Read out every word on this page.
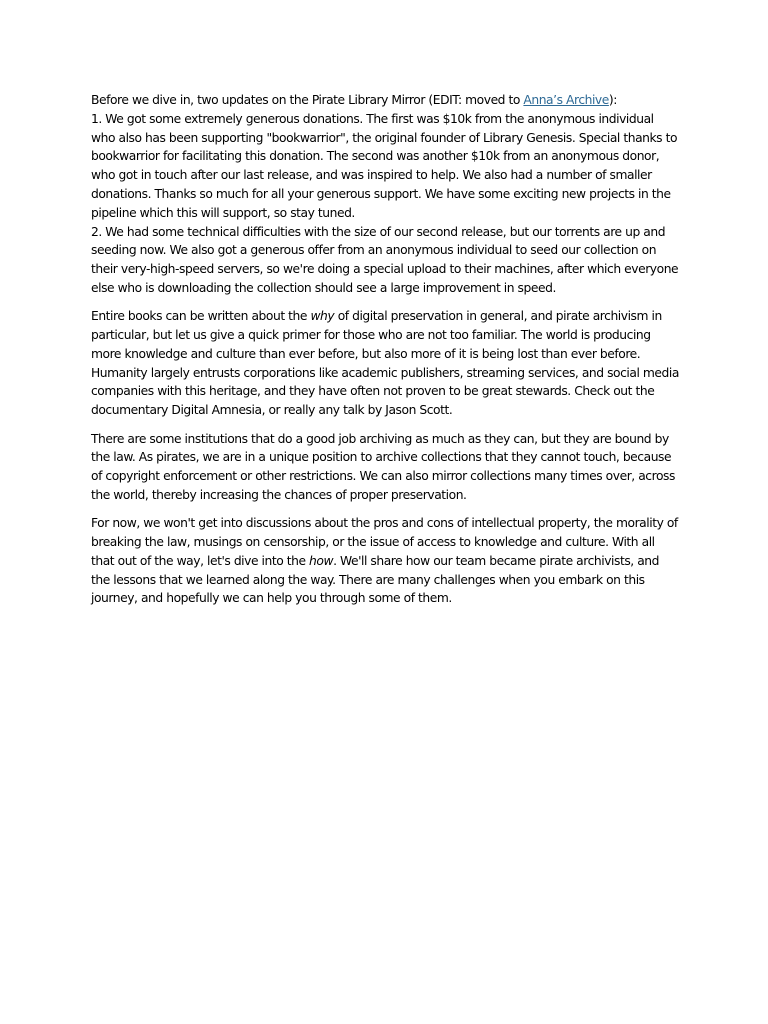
Before we dive in, two updates on the Pirate Library Mirror (EDIT: moved to Anna’s Archive):
1. We got some extremely generous donations. The first was $10k from the anonymous individual who also has been supporting "bookwarrior", the original founder of Library Genesis. Special thanks to bookwarrior for facilitating this donation. The second was another $10k from an anonymous donor, who got in touch after our last release, and was inspired to help. We also had a number of smaller donations. Thanks so much for all your generous support. We have some exciting new projects in the pipeline which this will support, so stay tuned.
2. We had some technical difficulties with the size of our second release, but our torrents are up and seeding now. We also got a generous offer from an anonymous individual to seed our collection on their very-high-speed servers, so we're doing a special upload to their machines, after which everyone else who is downloading the collection should see a large improvement in speed.

Entire books can be written about the why of digital preservation in general, and pirate archivism in particular, but let us give a quick primer for those who are not too familiar. The world is producing more knowledge and culture than ever before, but also more of it is being lost than ever before. Humanity largely entrusts corporations like academic publishers, streaming services, and social media companies with this heritage, and they have often not proven to be great stewards. Check out the documentary Digital Amnesia, or really any talk by Jason Scott.

There are some institutions that do a good job archiving as much as they can, but they are bound by the law. As pirates, we are in a unique position to archive collections that they cannot touch, because of copyright enforcement or other restrictions. We can also mirror collections many times over, across the world, thereby increasing the chances of proper preservation.

For now, we won't get into discussions about the pros and cons of intellectual property, the morality of breaking the law, musings on censorship, or the issue of access to knowledge and culture. With all that out of the way, let's dive into the how. We'll share how our team became pirate archivists, and the lessons that we learned along the way. There are many challenges when you embark on this journey, and hopefully we can help you through some of them.
